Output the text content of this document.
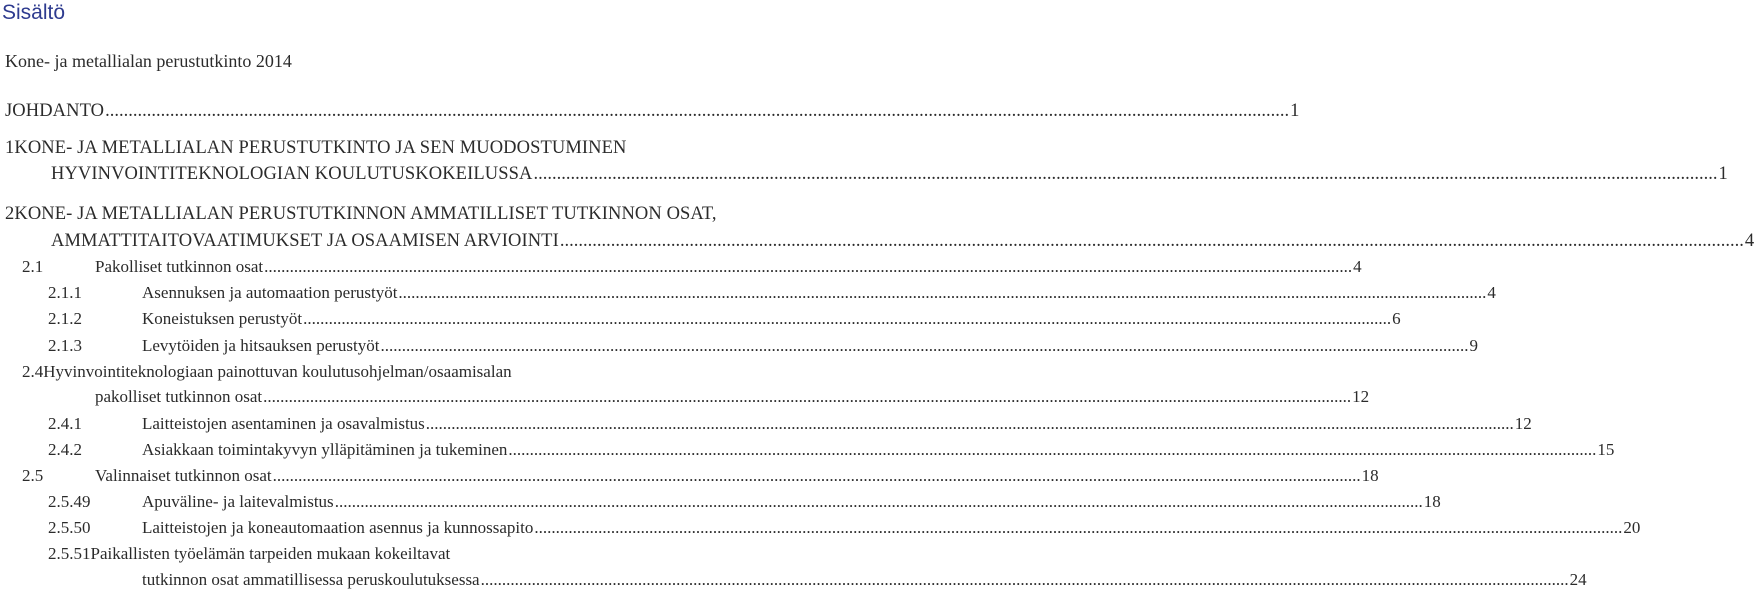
Sisältö
Kone- ja metallialan perustutkinto 2014
JOHDANTO .....	1
1KONE- JA METALLIALAN PERUSTUTKINTO JA SEN MUODOSTUMINEN
HYVINVOINTITEKNOLOGIAN KOULUTUSKOKEILUSSA .....	1
2KONE- JA METALLIALAN PERUSTUTKINNON AMMATILLISET TUTKINNON OSAT,
AMMATTITAITOVAATIMUKSET JA OSAAMISEN ARVIOINTI .....	4
2.1	Pakolliset tutkinnon osat .....	4
2.1.1	Asennuksen ja automaation perustyöt .....	4
2.1.2	Koneistuksen perustyöt .....	6
2.1.3	Levytöiden ja hitsauksen perustyöt .....	9
2.4Hyvinvointiteknologiaan painottuvan koulutusohjelman/osaamisalan
pakolliset tutkinnon osat .....	12
2.4.1	Laitteistojen asentaminen ja osavalmistus .....	12
2.4.2	Asiakkaan toimintakyvyn ylläpitäminen ja tukeminen .....	15
2.5	Valinnaiset tutkinnon osat .....	18
2.5.49	Apuväline- ja laitevalmistus .....	18
2.5.50	Laitteistojen ja koneautomaation asennus ja kunnossapito .....	20
2.5.51Paikallisten työelämän tarpeiden mukaan kokeiltavat
tutkinnon osat ammatillisessa peruskoulutuksessa .....	24
